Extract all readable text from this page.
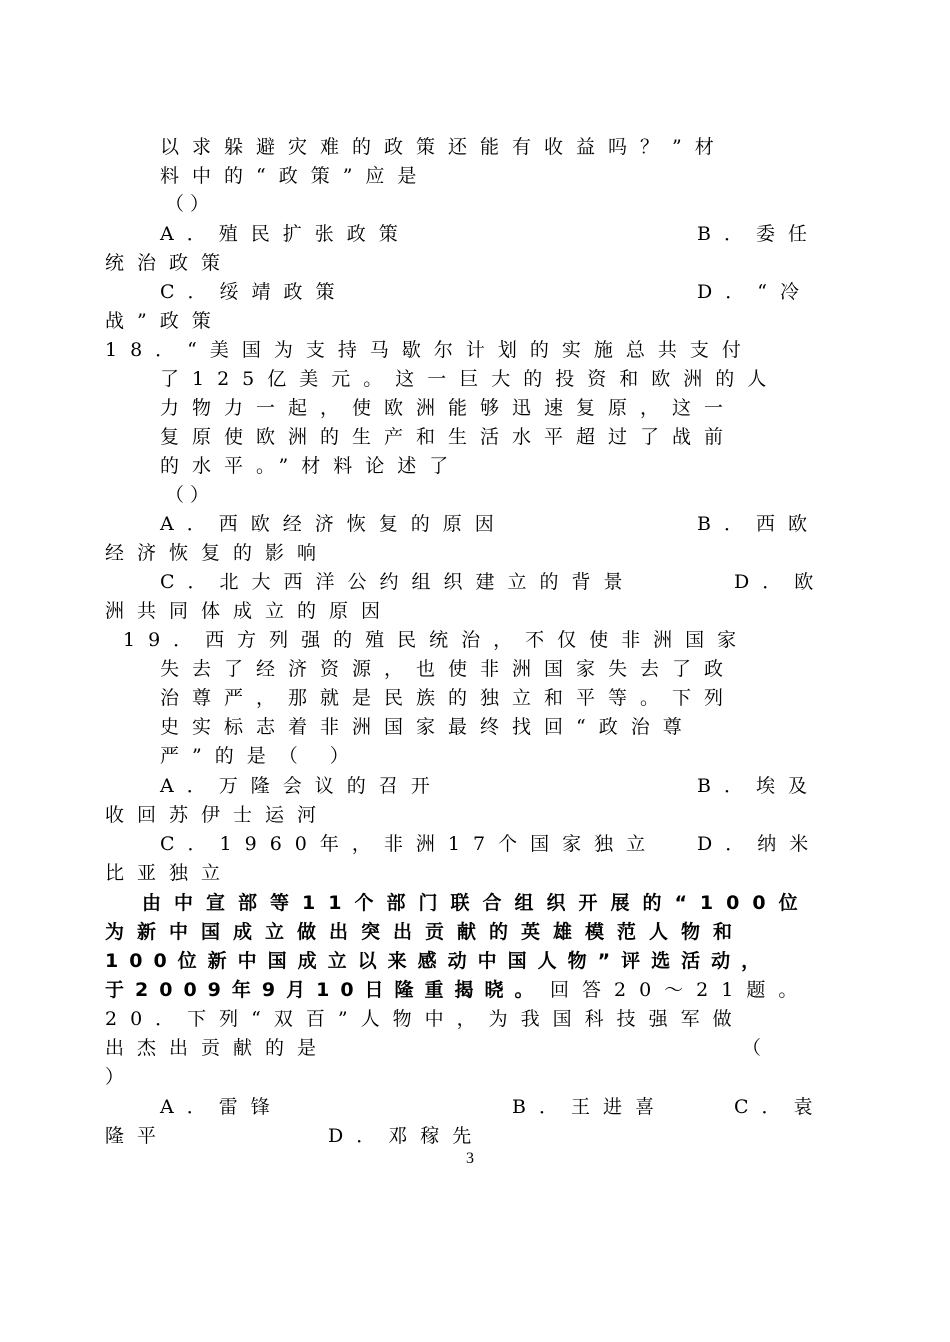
以求躲避灾难的政策还能有收益吗？”材
料中的“政策”应是
（ ）
A．殖民扩张政策	B．委任
统治政策
C．绥靖政策	D．“冷
战”政策
18．“美国为支持马歇尔计划的实施总共支付
了125亿美元。这一巨大的投资和欧洲的人
力物力一起，使欧洲能够迅速复原，这一
复原使欧洲的生产和生活水平超过了战前
的水平。”材料论述了
（ ）
A．西欧经济恢复的原因	B．西欧
经济恢复的影响
C．北大西洋公约组织建立的背景	D．欧
洲共同体成立的原因
19．西方列强的殖民统治，不仅使非洲国家
失去了经济资源，也使非洲国家失去了政
治尊严，那就是民族的独立和平等。下列
史实标志着非洲国家最终找回“政治尊
严”的是（ ）
A．万隆会议的召开	B．埃及
收回苏伊士运河
C．1960年，非洲17个国家独立 D．纳米
比亚独立
由中宣部等11个部门联合组织开展的“100位
为新中国成立做出突出贡献的英雄模范人物和
100位新中国成立以来感动中国人物”评选活动，
于2009年9月10日隆重揭晓。 回答20～21题。
20．下列“双百”人物中，为我国科技强军做
出杰出贡献的是	（
）
A．雷锋	B．王进喜	C．袁
隆平	D．邓稼先
3
